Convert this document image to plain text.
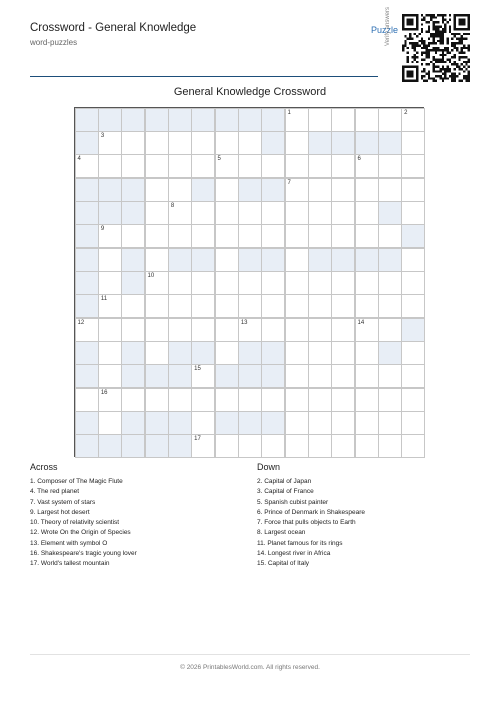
Crossword - General Knowledge
word-puzzles
Puzzle
Verify answers
General Knowledge Crossword
1	2
3
4	5	6
7
8
9
10
11
12	13	14
15
16
17
Across
1. Composer of The Magic Flute
4. The red planet
7. Vast system of stars
9. Largest hot desert
10. Theory of relativity scientist
12. Wrote On the Origin of Species
13. Element with symbol O
16. Shakespeare's tragic young lover
17. World's tallest mountain
Down
2. Capital of Japan
3. Capital of France
5. Spanish cubist painter
6. Prince of Denmark in Shakespeare
7. Force that pulls objects to Earth
8. Largest ocean
11. Planet famous for its rings
14. Longest river in Africa
15. Capital of Italy
© 2026 PrintablesWorld.com. All rights reserved.
